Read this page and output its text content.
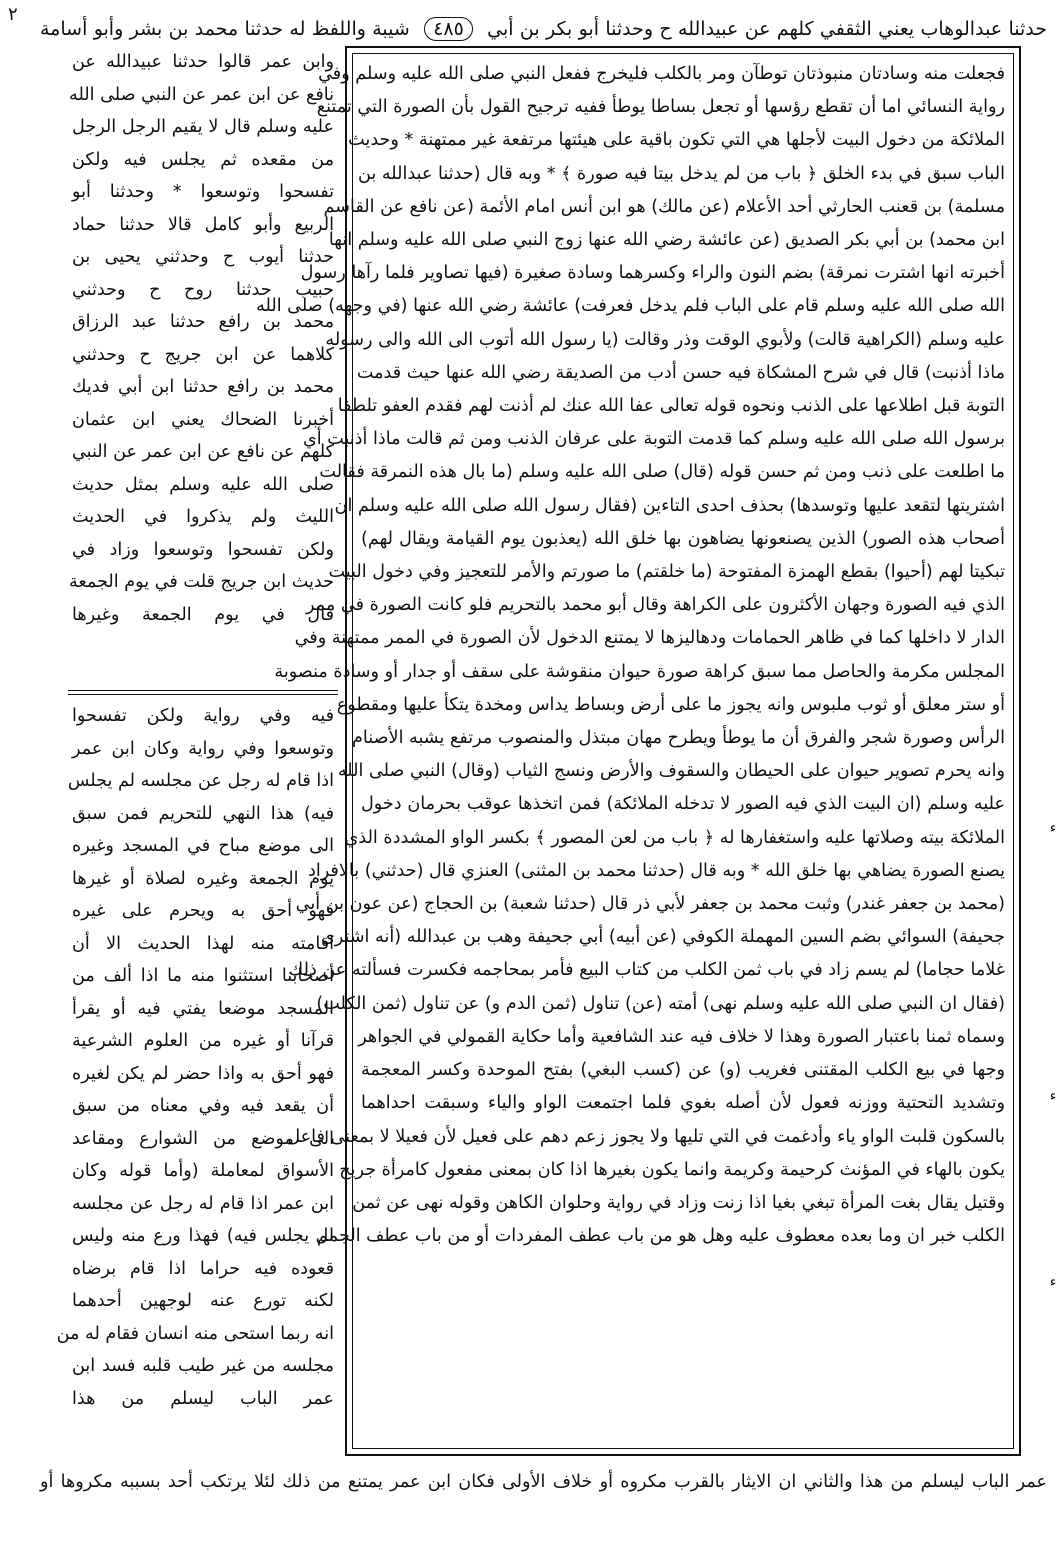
٢
حدثنا عبدالوهاب يعني الثقفي كلهم عن عبيدالله ح وحدثنا أبو بكر بن أبي ٤٨٥ شيبة واللفظ له حدثنا محمد بن بشر وأبو أسامة
فجعلت منه وسادتان منبوذتان توطآن ومر بالكلب فليخرج ففعل النبي صلى الله عليه وسلم وفي
رواية النسائي اما أن تقطع رؤسها أو تجعل بساطا يوطأ ففيه ترجيح القول بأن الصورة التي تمتنع
الملائكة من دخول البيت لأجلها هي التي تكون باقية على هيئتها مرتفعة غير ممتهنة * وحديث
الباب سبق في بدء الخلق ﴿ باب من لم يدخل بيتا فيه صورة ﴾ * وبه قال (حدثنا عبدالله بن
مسلمة) بن قعنب الحارثي أحد الأعلام (عن مالك) هو ابن أنس امام الأئمة (عن نافع عن القاسم
ابن محمد) بن أبي بكر الصديق (عن عائشة رضي الله عنها زوج النبي صلى الله عليه وسلم انها
أخبرته انها اشترت نمرقة) بضم النون والراء وكسرهما وسادة صغيرة (فيها تصاوير فلما رآها رسول
الله صلى الله عليه وسلم قام على الباب فلم يدخل فعرفت) عائشة رضي الله عنها (في وجهه) صلى الله
عليه وسلم (الكراهية قالت) ولأبوي الوقت وذر وقالت (يا رسول الله أتوب الى الله والى رسوله
ماذا أذنبت) قال في شرح المشكاة فيه حسن أدب من الصديقة رضي الله عنها حيث قدمت
التوبة قبل اطلاعها على الذنب ونحوه قوله تعالى عفا الله عنك لم أذنت لهم فقدم العفو تلطفا
برسول الله صلى الله عليه وسلم كما قدمت التوبة على عرفان الذنب ومن ثم قالت ماذا أذنبت أي
ما اطلعت على ذنب ومن ثم حسن قوله (قال) صلى الله عليه وسلم (ما بال هذه النمرقة فقالت
اشتريتها لتقعد عليها وتوسدها) بحذف احدى التاءين (فقال رسول الله صلى الله عليه وسلم ان
أصحاب هذه الصور) الذين يصنعونها يضاهون بها خلق الله (يعذبون يوم القيامة ويقال لهم)
تبكيتا لهم (أحيوا) بقطع الهمزة المفتوحة (ما خلقتم) ما صورتم والأمر للتعجيز وفي دخول البيت
الذي فيه الصورة وجهان الأكثرون على الكراهة وقال أبو محمد بالتحريم فلو كانت الصورة في ممر
الدار لا داخلها كما في ظاهر الحمامات ودهاليزها لا يمتنع الدخول لأن الصورة في الممر ممتهنة وفي
المجلس مكرمة والحاصل مما سبق كراهة صورة حيوان منقوشة على سقف أو جدار أو وسادة منصوبة
أو ستر معلق أو ثوب ملبوس وانه يجوز ما على أرض وبساط يداس ومخدة يتكأ عليها ومقطوع
الرأس وصورة شجر والفرق أن ما يوطأ ويطرح مهان مبتذل والمنصوب مرتفع يشبه الأصنام
وانه يحرم تصوير حيوان على الحيطان والسقوف والأرض ونسج الثياب (وقال) النبي صلى الله
عليه وسلم (ان البيت الذي فيه الصور لا تدخله الملائكة) فمن اتخذها عوقب بحرمان دخول
الملائكة بيته وصلاتها عليه واستغفارها له ﴿ باب من لعن المصور ﴾ بكسر الواو المشددة الذي
يصنع الصورة يضاهي بها خلق الله * وبه قال (حدثنا محمد بن المثنى) العنزي قال (حدثني) بالافراد
(محمد بن جعفر غندر) وثبت محمد بن جعفر لأبي ذر قال (حدثنا شعبة) بن الحجاج (عن عون بن أبي
جحيفة) السوائي بضم السين المهملة الكوفي (عن أبيه) أبي جحيفة وهب بن عبدالله (أنه اشترى
غلاما حجاما) لم يسم زاد في باب ثمن الكلب من كتاب البيع فأمر بمحاجمه فكسرت فسألته عن ذلك
(فقال ان النبي صلى الله عليه وسلم نهى) أمته (عن) تناول (ثمن الدم و) عن تناول (ثمن الكلب)
وسماه ثمنا باعتبار الصورة وهذا لا خلاف فيه عند الشافعية وأما حكاية القمولي في الجواهر
وجها في بيع الكلب المقتنى فغريب (و) عن (كسب البغي) بفتح الموحدة وكسر المعجمة
وتشديد التحتية ووزنه فعول لأن أصله بغوي فلما اجتمعت الواو والياء وسبقت احداهما
بالسكون قلبت الواو ياء وأدغمت في التي تليها ولا يجوز زعم دهم على فعيل لأن فعيلا لا بمعنى فاعل
يكون بالهاء في المؤنث كرحيمة وكريمة وانما يكون بغيرها اذا كان بمعنى مفعول كامرأة جريح
وقتيل يقال بغت المرأة تبغي بغيا اذا زنت وزاد في رواية وحلوان الكاهن وقوله نهى عن ثمن
الكلب خبر ان وما بعده معطوف عليه وهل هو من باب عطف المفردات أو من باب عطف الجمل
وابن عمر قالوا حدثنا عبيدالله عن
نافع عن ابن عمر عن النبي صلى الله
عليه وسلم قال لا يقيم الرجل الرجل
من مقعده ثم يجلس فيه ولكن
تفسحوا وتوسعوا * وحدثنا أبو
الربيع وأبو كامل قالا حدثنا حماد
حدثنا أيوب ح وحدثني يحيى بن
حبيب حدثنا روح ح وحدثني
محمد بن رافع حدثنا عبد الرزاق
كلاهما عن ابن جريج ح وحدثني
محمد بن رافع حدثنا ابن أبي فديك
أخبرنا الضحاك يعني ابن عثمان
كلهم عن نافع عن ابن عمر عن النبي
صلى الله عليه وسلم بمثل حديث
الليث ولم يذكروا في الحديث
ولكن تفسحوا وتوسعوا وزاد في
حديث ابن جريج قلت في يوم الجمعة
قال في يوم الجمعة وغيرها
فيه وفي رواية ولكن تفسحوا
وتوسعوا وفي رواية وكان ابن عمر
اذا قام له رجل عن مجلسه لم يجلس
فيه) هذا النهي للتحريم فمن سبق
الى موضع مباح في المسجد وغيره
يوم الجمعة وغيره لصلاة أو غيرها
فهو أحق به ويحرم على غيره
اقامته منه لهذا الحديث الا أن
أصحابنا استثنوا منه ما اذا ألف من
المسجد موضعا يفتي فيه أو يقرأ
قرآنا أو غيره من العلوم الشرعية
فهو أحق به واذا حضر لم يكن لغيره
أن يقعد فيه وفي معناه من سبق
الى موضع من الشوارع ومقاعد
الأسواق لمعاملة (وأما قوله وكان
ابن عمر اذا قام له رجل عن مجلسه
لم يجلس فيه) فهذا ورع منه وليس
قعوده فيه حراما اذا قام برضاه
لكنه تورع عنه لوجهين أحدهما
انه ربما استحى منه انسان فقام له من
مجلسه من غير طيب قلبه فسد ابن
عمر الباب ليسلم من هذا
عمر الباب ليسلم من هذا والثاني ان الايثار بالقرب مكروه أو خلاف الأولى فكان ابن عمر يمتنع من ذلك لئلا يرتكب أحد بسببه مكروها أو
ء
ء
ء
